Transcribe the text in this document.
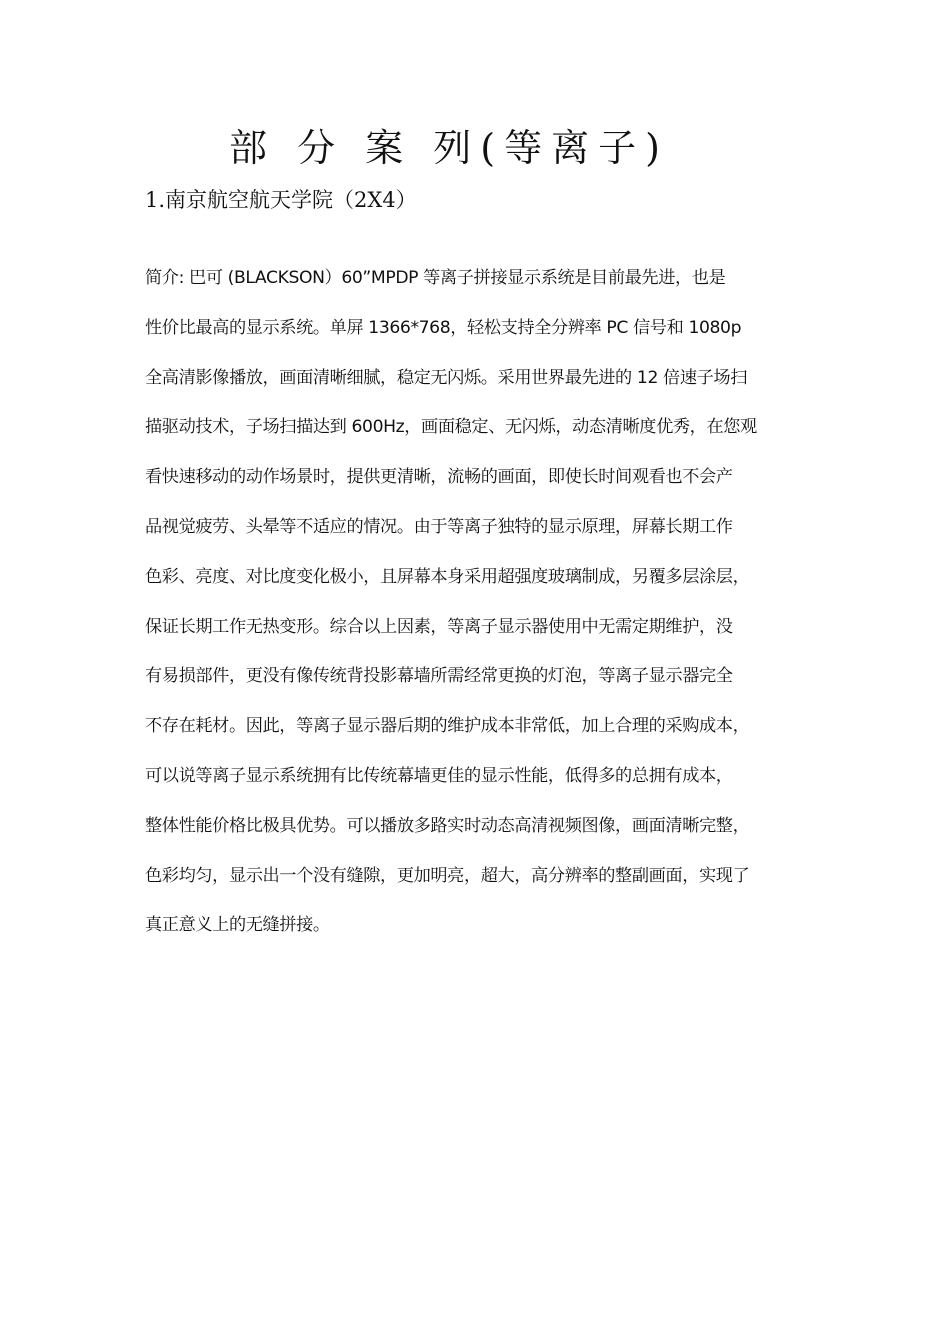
部 分 案 列(等离子)
1.南京航空航天学院（2X4）
简介: 巴可 (BLACKSON）60”MPDP 等离子拼接显示系统是目前最先进，也是
性价比最高的显示系统。单屏 1366*768，轻松支持全分辨率 PC 信号和 1080p
全高清影像播放，画面清晰细腻，稳定无闪烁。采用世界最先进的 12 倍速子场扫
描驱动技术，子场扫描达到 600Hz，画面稳定、无闪烁，动态清晰度优秀，在您观
看快速移动的动作场景时，提供更清晰，流畅的画面，即使长时间观看也不会产
品视觉疲劳、头晕等不适应的情况。由于等离子独特的显示原理，屏幕长期工作
色彩、亮度、对比度变化极小，且屏幕本身采用超强度玻璃制成，另覆多层涂层，
保证长期工作无热变形。综合以上因素，等离子显示器使用中无需定期维护，没
有易损部件，更没有像传统背投影幕墙所需经常更换的灯泡，等离子显示器完全
不存在耗材。因此，等离子显示器后期的维护成本非常低，加上合理的采购成本，
可以说等离子显示系统拥有比传统幕墙更佳的显示性能，低得多的总拥有成本，
整体性能价格比极具优势。可以播放多路实时动态高清视频图像，画面清晰完整，
色彩均匀，显示出一个没有缝隙，更加明亮，超大，高分辨率的整副画面，实现了
真正意义上的无缝拼接。
